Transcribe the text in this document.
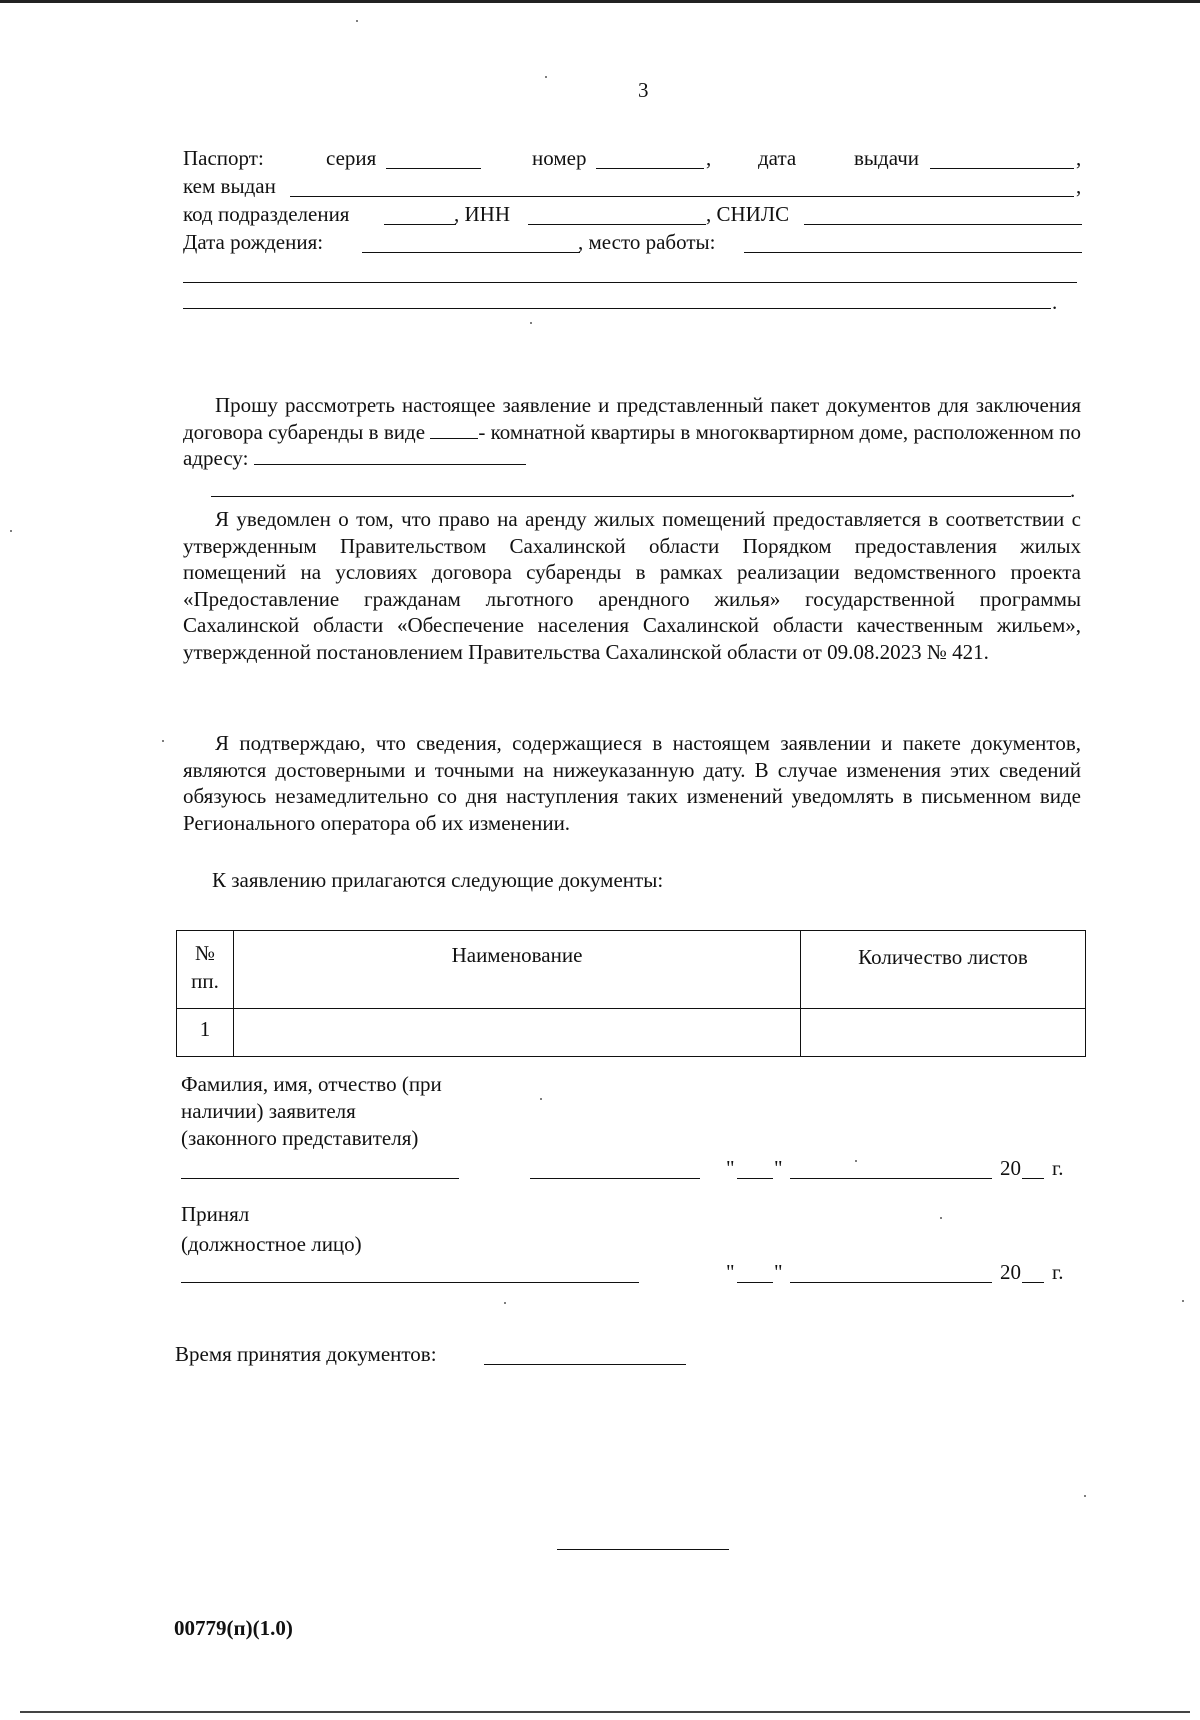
3
Паспорт:	серия	номер	, дата	выдачи	,
кем выдан	,
код подразделения	, ИНН	, СНИЛС
Дата рождения:	, место работы:
.

Прошу рассмотреть настоящее заявление и представленный пакет документов для заключения договора субаренды в виде	- комнатной квартиры в многоквартирном доме, расположенном по адресу:

.

Я уведомлен о том, что право на аренду жилых помещений предоставляется в соответствии с утвержденным Правительством Сахалинской области Порядком предоставления жилых помещений на условиях договора субаренды в рамках реализации ведомственного проекта «Предоставление гражданам льготного арендного жилья» государственной программы Сахалинской области «Обеспечение населения Сахалинской области качественным жильем», утвержденной постановлением Правительства Сахалинской области от 09.08.2023 № 421.

Я подтверждаю, что сведения, содержащиеся в настоящем заявлении и пакете документов, являются достоверными и точными на нижеуказанную дату. В случае изменения этих сведений обязуюсь незамедлительно со дня наступления таких изменений уведомлять в письменном виде Регионального оператора об их изменении.

К заявлению прилагаются следующие документы:
№
пп.	Наименование	Количество листов
1		
Фамилия, имя, отчество (при
наличии) заявителя
(законного представителя)
" "	20 г.
Принял
(должностное лицо)
" "	20 г.
Время принятия документов:
00779(п)(1.0)
